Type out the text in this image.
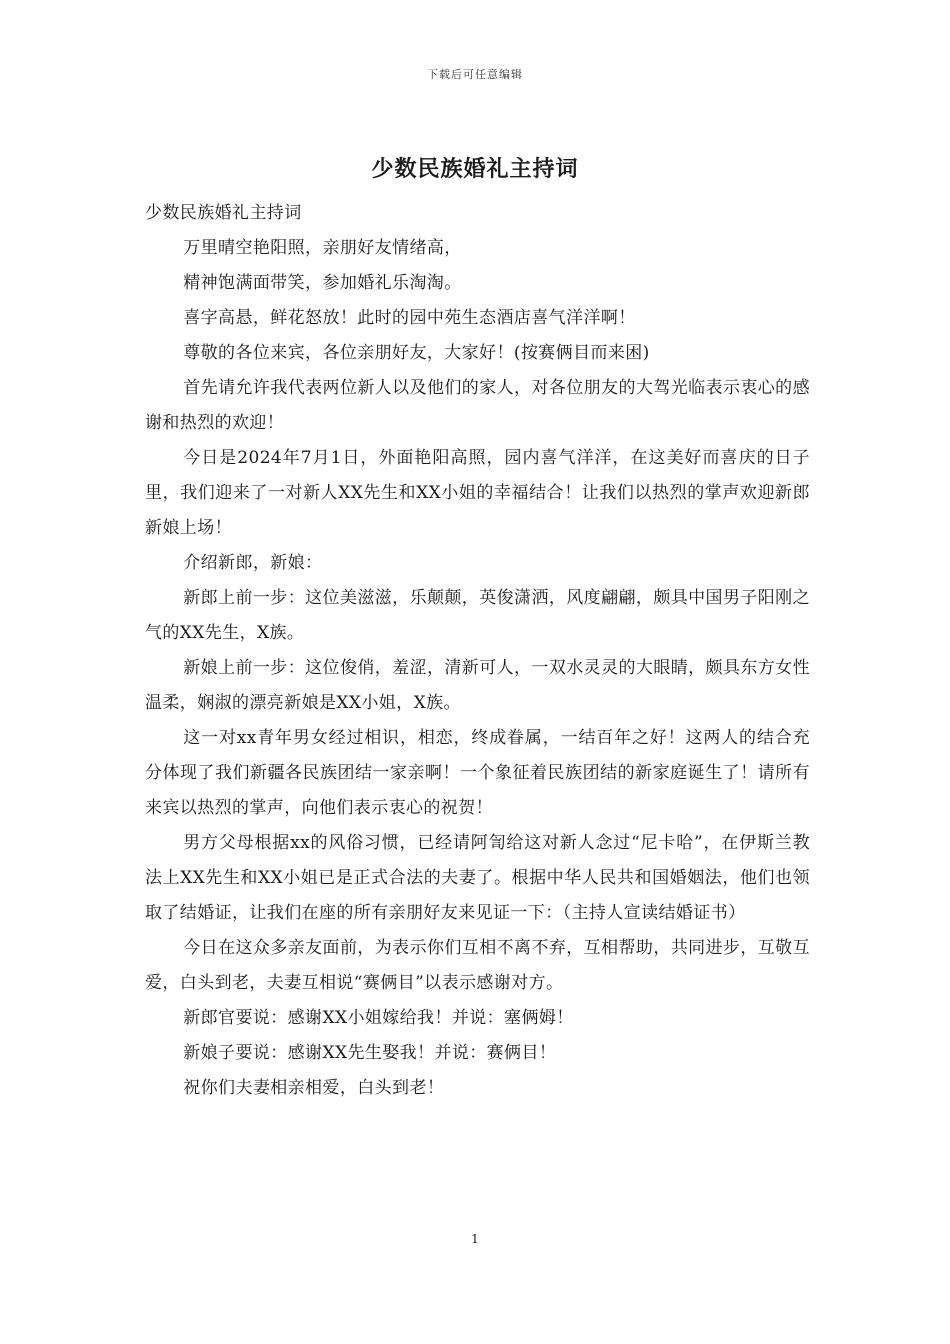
下载后可任意编辑
少数民族婚礼主持词

少数民族婚礼主持词

万里晴空艳阳照，亲朋好友情绪高，

精神饱满面带笑，参加婚礼乐淘淘。

喜字高悬，鲜花怒放！此时的园中苑生态酒店喜气洋洋啊！

尊敬的各位来宾，各位亲朋好友，大家好！(按赛俩目而来困)

首先请允许我代表两位新人以及他们的家人，对各位朋友的大驾光临表示衷心的感谢和热烈的欢迎！

今日是2024年7月1日，外面艳阳高照，园内喜气洋洋，在这美好而喜庆的日子里，我们迎来了一对新人XX先生和XX小姐的幸福结合！让我们以热烈的掌声欢迎新郎新娘上场！

介绍新郎，新娘：

新郎上前一步：这位美滋滋，乐颠颠，英俊潇洒，风度翩翩，颇具中国男子阳刚之气的XX先生，X族。

新娘上前一步：这位俊俏，羞涩，清新可人，一双水灵灵的大眼睛，颇具东方女性温柔，娴淑的漂亮新娘是XX小姐，X族。

这一对xx青年男女经过相识，相恋，终成眷属，一结百年之好！这两人的结合充分体现了我们新疆各民族团结一家亲啊！一个象征着民族团结的新家庭诞生了！请所有来宾以热烈的掌声，向他们表示衷心的祝贺！

男方父母根据xx的风俗习惯，已经请阿訇给这对新人念过“尼卡哈”，在伊斯兰教法上XX先生和XX小姐已是正式合法的夫妻了。根据中华人民共和国婚姻法，他们也领取了结婚证，让我们在座的所有亲朋好友来见证一下：（主持人宣读结婚证书）

今日在这众多亲友面前，为表示你们互相不离不弃，互相帮助，共同进步，互敬互爱，白头到老，夫妻互相说“赛俩目”以表示感谢对方。

新郎官要说：感谢XX小姐嫁给我！并说：塞俩姆！

新娘子要说：感谢XX先生娶我！并说：赛俩目！

祝你们夫妻相亲相爱，白头到老！

1
